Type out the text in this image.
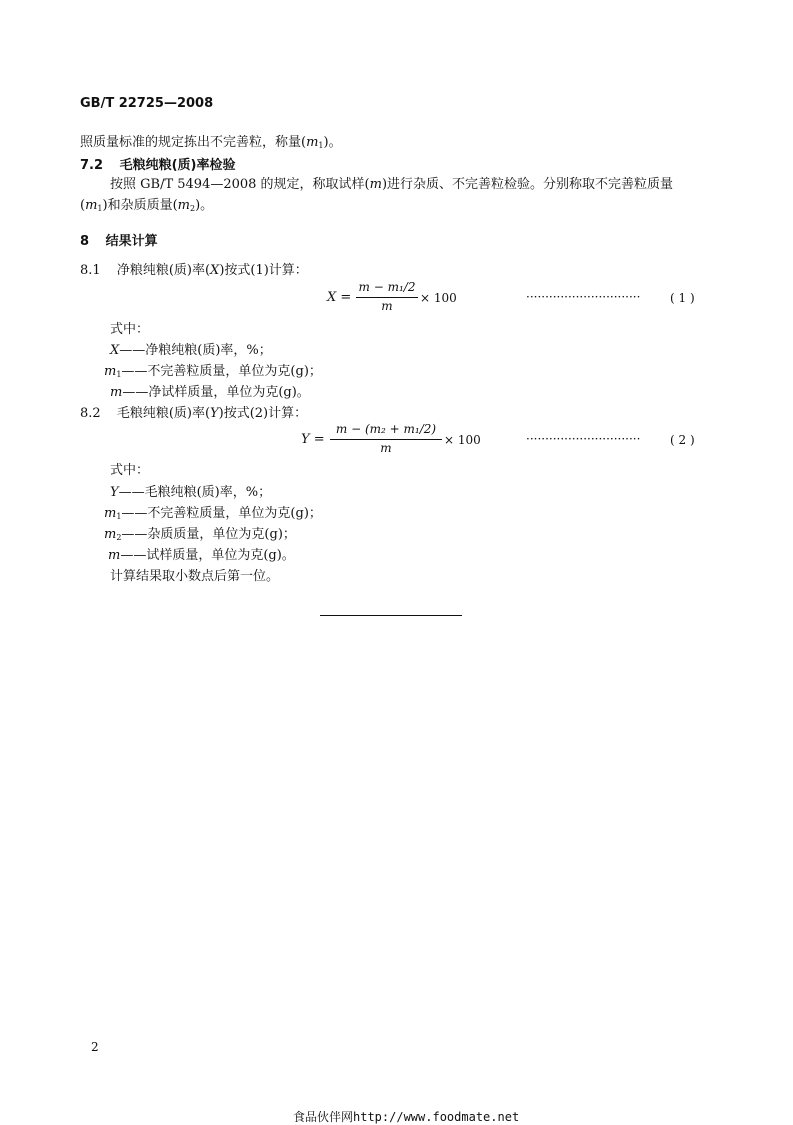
GB/T 22725—2008
照质量标准的规定拣出不完善粒，称量$(m_1)$。
7.2 毛粮纯粮(质)率检验
按照 GB/T 5494—2008 的规定，称取试样(m)进行杂质、不完善粒检验。分别称取不完善粒质量
$(m_1)$和杂质质量$(m_2)$。
8 结果计算
8.1 净粮纯粮(质)率(X)按式(1)计算：
X =
m − m₁/2
m
× 100	······························ ( 1 )
式中：
X——净粮纯粮(质)率，%；
$m_1——$不完善粒质量，单位为克(g)；
m——净试样质量，单位为克(g)。
8.2 毛粮纯粮(质)率(Y)按式(2)计算：
Y =
m − (m₂ + m₁/2)
m
× 100	······························ ( 2 )
式中：
Y——毛粮纯粮(质)率，%；
$m_1——$不完善粒质量，单位为克(g)；
$m_2——$杂质质量，单位为克(g)；
m——试样质量，单位为克(g)。
计算结果取小数点后第一位。
2
食品伙伴网http://www.foodmate.net
